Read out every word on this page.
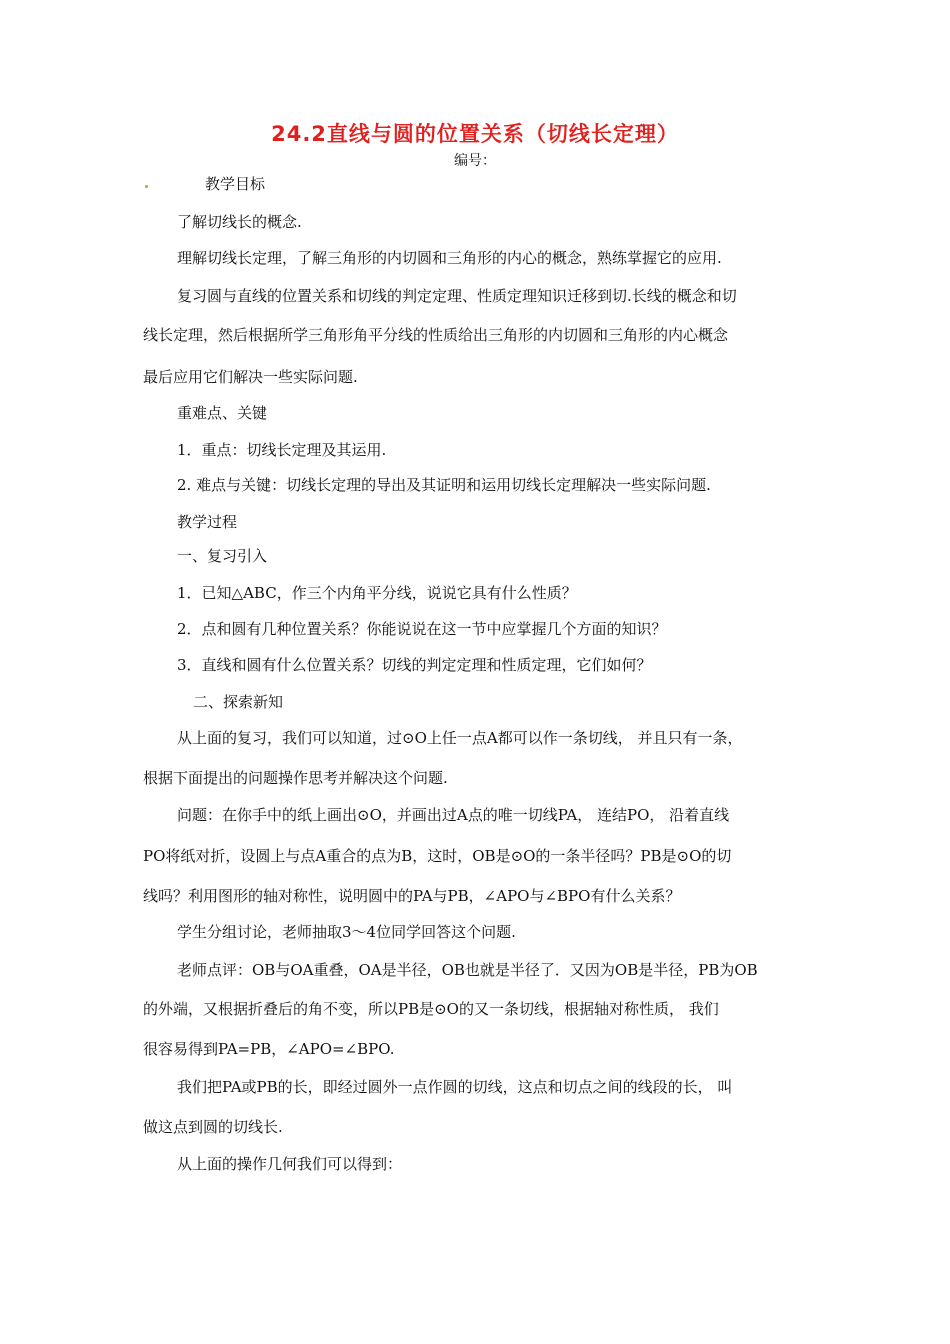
24.2直线与圆的位置关系（切线长定理）
编号：
教学目标
了解切线长的概念.
理解切线长定理，了解三角形的内切圆和三角形的内心的概念，熟练掌握它的应用.
复习圆与直线的位置关系和切线的判定定理、性质定理知识迁移到切.长线的概念和切
线长定理，然后根据所学三角形角平分线的性质给出三角形的内切圆和三角形的内心概念
最后应用它们解决一些实际问题.
重难点、关键
1．重点：切线长定理及其运用.
2. 难点与关键：切线长定理的导出及其证明和运用切线长定理解决一些实际问题.
教学过程
一、复习引入
1．已知△ABC，作三个内角平分线，说说它具有什么性质？
2．点和圆有几种位置关系？你能说说在这一节中应掌握几个方面的知识？
3．直线和圆有什么位置关系？切线的判定定理和性质定理，它们如何？
二、探索新知
从上面的复习，我们可以知道，过⊙O上任一点A都可以作一条切线， 并且只有一条，
根据下面提出的问题操作思考并解决这个问题.
问题：在你手中的纸上画出⊙O，并画出过A点的唯一切线PA， 连结PO， 沿着直线
PO将纸对折，设圆上与点A重合的点为B，这时，OB是⊙O的一条半径吗？PB是⊙O的切
线吗？利用图形的轴对称性，说明圆中的PA与PB，∠APO与∠BPO有什么关系？
学生分组讨论，老师抽取3～4位同学回答这个问题.
老师点评：OB与OA重叠，OA是半径，OB也就是半径了．又因为OB是半径，PB为OB
的外端，又根据折叠后的角不变，所以PB是⊙O的又一条切线，根据轴对称性质， 我们
很容易得到PA=PB，∠APO=∠BPO.
我们把PA或PB的长，即经过圆外一点作圆的切线，这点和切点之间的线段的长， 叫
做这点到圆的切线长.
从上面的操作几何我们可以得到：
